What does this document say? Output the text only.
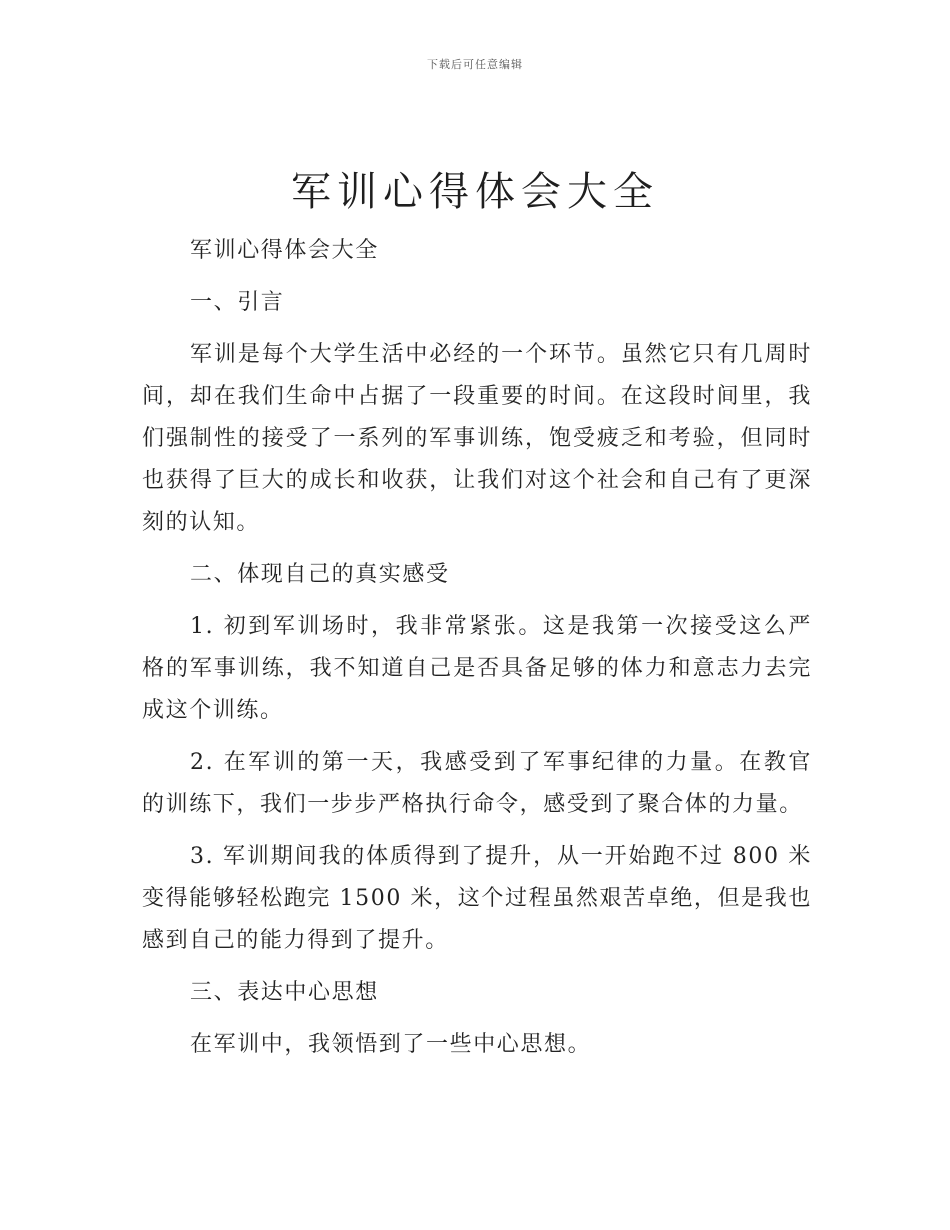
下载后可任意编辑
军训心得体会大全

军训心得体会大全

一、引言

军训是每个大学生活中必经的一个环节。虽然它只有几周时间，却在我们生命中占据了一段重要的时间。在这段时间里，我们强制性的接受了一系列的军事训练，饱受疲乏和考验，但同时也获得了巨大的成长和收获，让我们对这个社会和自己有了更深刻的认知。

二、体现自己的真实感受

1. 初到军训场时，我非常紧张。这是我第一次接受这么严格的军事训练，我不知道自己是否具备足够的体力和意志力去完成这个训练。

2. 在军训的第一天，我感受到了军事纪律的力量。在教官的训练下，我们一步步严格执行命令，感受到了聚合体的力量。

3. 军训期间我的体质得到了提升，从一开始跑不过 800 米变得能够轻松跑完 1500 米，这个过程虽然艰苦卓绝，但是我也感到自己的能力得到了提升。

三、表达中心思想

在军训中，我领悟到了一些中心思想。
